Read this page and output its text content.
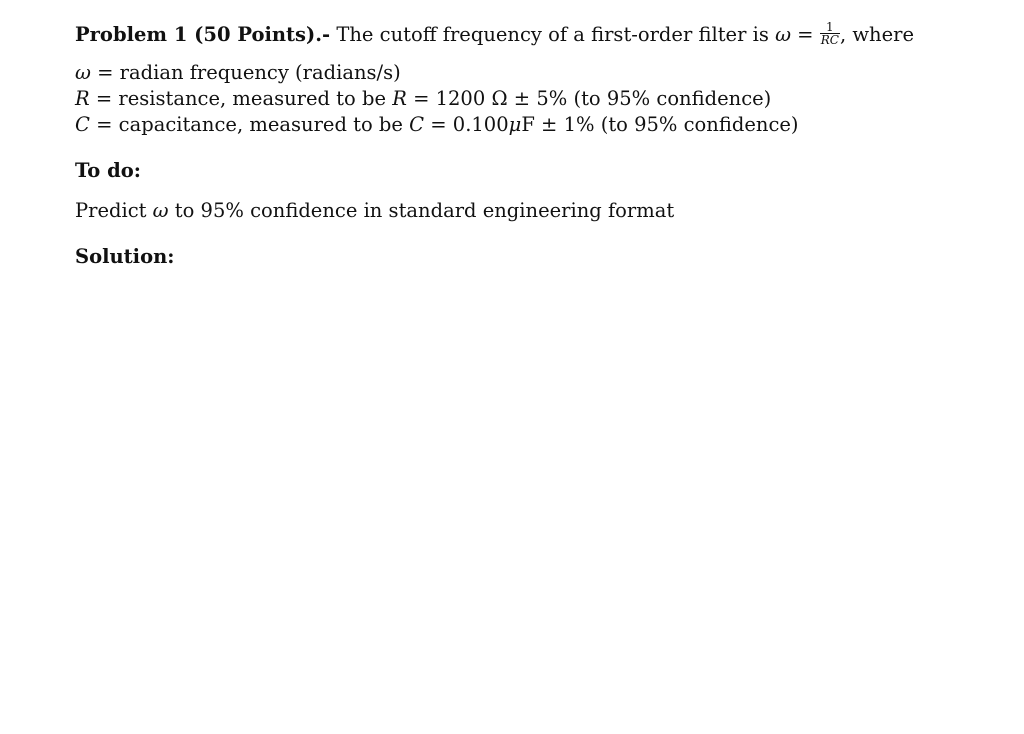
Problem 1 (50 Points).- The cutoff frequency of a first-order filter is $\omega = \frac{1}{RC}$ , where
ω = radian frequency (radians/s)
R = resistance, measured to be R = 1200 Ω ± 5% (to 95% confidence)
C = capacitance, measured to be C = 0.100μF ± 1% (to 95% confidence)
To do:
Predict ω to 95% confidence in standard engineering format
Solution:
